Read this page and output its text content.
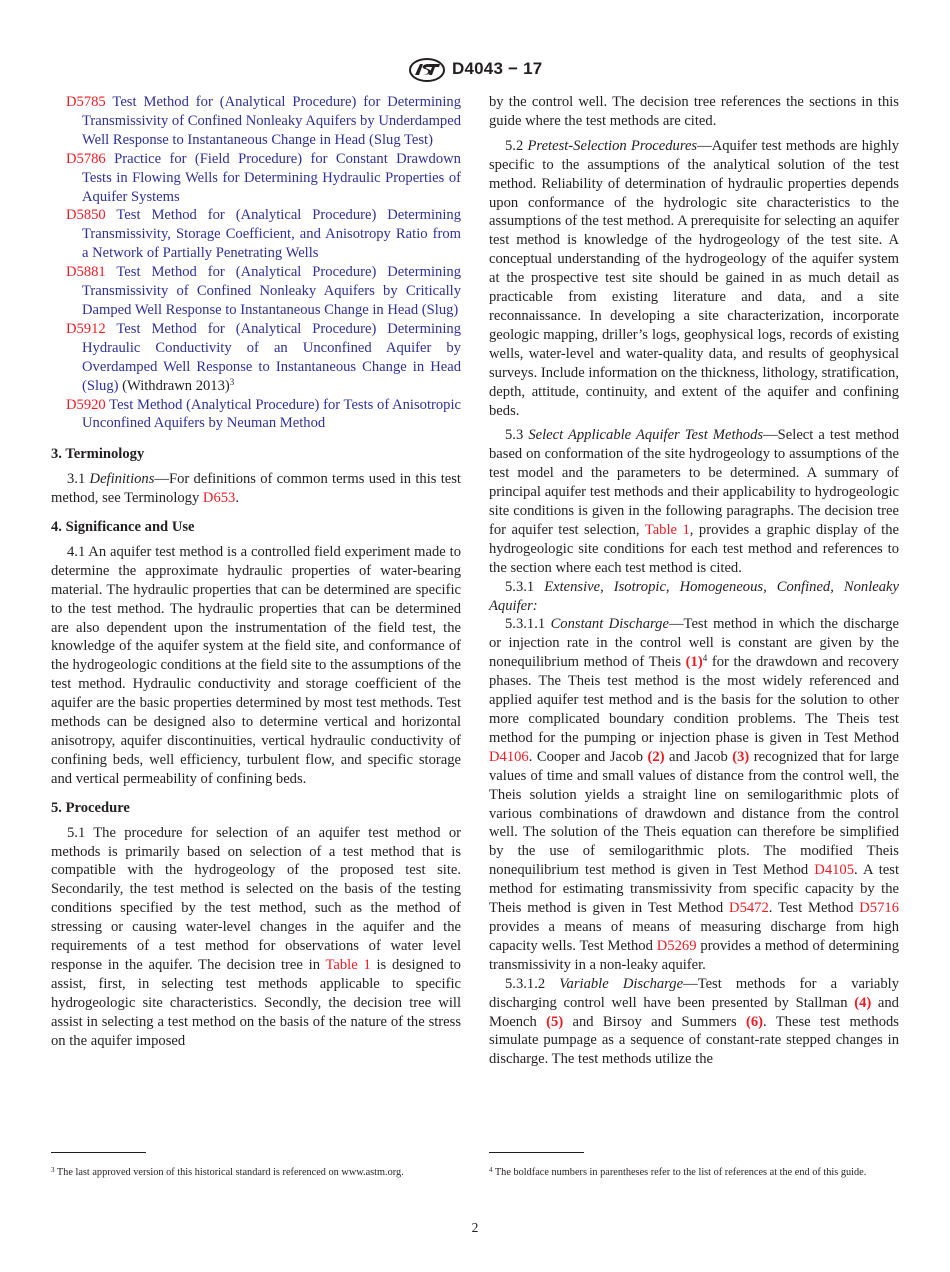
D4043 − 17

D5785 Test Method for (Analytical Procedure) for Determining Transmissivity of Confined Nonleaky Aquifers by Underdamped Well Response to Instantaneous Change in Head (Slug Test)

D5786 Practice for (Field Procedure) for Constant Drawdown Tests in Flowing Wells for Determining Hydraulic Properties of Aquifer Systems

D5850 Test Method for (Analytical Procedure) Determining Transmissivity, Storage Coefficient, and Anisotropy Ratio from a Network of Partially Penetrating Wells

D5881 Test Method for (Analytical Procedure) Determining Transmissivity of Confined Nonleaky Aquifers by Critically Damped Well Response to Instantaneous Change in Head (Slug)

D5912 Test Method for (Analytical Procedure) Determining Hydraulic Conductivity of an Unconfined Aquifer by Overdamped Well Response to Instantaneous Change in Head (Slug) (Withdrawn 2013)$^3$

D5920 Test Method (Analytical Procedure) for Tests of Anisotropic Unconfined Aquifers by Neuman Method

3. Terminology

3.1 Definitions—For definitions of common terms used in this test method, see Terminology D653.

4. Significance and Use

4.1 An aquifer test method is a controlled field experiment made to determine the approximate hydraulic properties of water-bearing material. The hydraulic properties that can be determined are specific to the test method. The hydraulic properties that can be determined are also dependent upon the instrumentation of the field test, the knowledge of the aquifer system at the field site, and conformance of the hydrogeologic conditions at the field site to the assumptions of the test method. Hydraulic conductivity and storage coefficient of the aquifer are the basic properties determined by most test methods. Test methods can be designed also to determine vertical and horizontal anisotropy, aquifer discontinuities, vertical hydraulic conductivity of confining beds, well efficiency, turbulent flow, and specific storage and vertical permeability of confining beds.

5. Procedure

5.1 The procedure for selection of an aquifer test method or methods is primarily based on selection of a test method that is compatible with the hydrogeology of the proposed test site. Secondarily, the test method is selected on the basis of the testing conditions specified by the test method, such as the method of stressing or causing water-level changes in the aquifer and the requirements of a test method for observations of water level response in the aquifer. The decision tree in Table 1 is designed to assist, first, in selecting test methods applicable to specific hydrogeologic site characteristics. Secondly, the decision tree will assist in selecting a test method on the basis of the nature of the stress on the aquifer imposed

by the control well. The decision tree references the sections in this guide where the test methods are cited.

5.2 Pretest-Selection Procedures—Aquifer test methods are highly specific to the assumptions of the analytical solution of the test method. Reliability of determination of hydraulic properties depends upon conformance of the hydrologic site characteristics to the assumptions of the test method. A prerequisite for selecting an aquifer test method is knowledge of the hydrogeology of the test site. A conceptual understanding of the hydrogeology of the aquifer system at the prospective test site should be gained in as much detail as practicable from existing literature and data, and a site reconnaissance. In developing a site characterization, incorporate geologic mapping, driller’s logs, geophysical logs, records of existing wells, water-level and water-quality data, and results of geophysical surveys. Include information on the thickness, lithology, stratification, depth, attitude, continuity, and extent of the aquifer and confining beds.

5.3 Select Applicable Aquifer Test Methods—Select a test method based on conformation of the site hydrogeology to assumptions of the test model and the parameters to be determined. A summary of principal aquifer test methods and their applicability to hydrogeologic site conditions is given in the following paragraphs. The decision tree for aquifer test selection, Table 1, provides a graphic display of the hydrogeologic site conditions for each test method and references to the section where each test method is cited.

5.3.1 Extensive, Isotropic, Homogeneous, Confined, Nonleaky Aquifer:

5.3.1.1 Constant Discharge—Test method in which the discharge or injection rate in the control well is constant are given by the nonequilibrium method of Theis $(1)^4$ for the drawdown and recovery phases. The Theis test method is the most widely referenced and applied aquifer test method and is the basis for the solution to other more complicated boundary condition problems. The Theis test method for the pumping or injection phase is given in Test Method D4106. Cooper and Jacob (2) and Jacob (3) recognized that for large values of time and small values of distance from the control well, the Theis solution yields a straight line on semilogarithmic plots of various combinations of drawdown and distance from the control well. The solution of the Theis equation can therefore be simplified by the use of semilogarithmic plots. The modified Theis nonequilibrium test method is given in Test Method D4105. A test method for estimating transmissivity from specific capacity by the Theis method is given in Test Method D5472. Test Method D5716 provides a means of means of measuring discharge from high capacity wells. Test Method D5269 provides a method of determining transmissivity in a non-leaky aquifer.

5.3.1.2 Variable Discharge—Test methods for a variably discharging control well have been presented by Stallman (4) and Moench (5) and Birsoy and Summers (6). These test methods simulate pumpage as a sequence of constant-rate stepped changes in discharge. The test methods utilize the

$^3$ The last approved version of this historical standard is referenced on www.astm.org.	$^4$ The boldface numbers in parentheses refer to the list of references at the end of this guide.
2
